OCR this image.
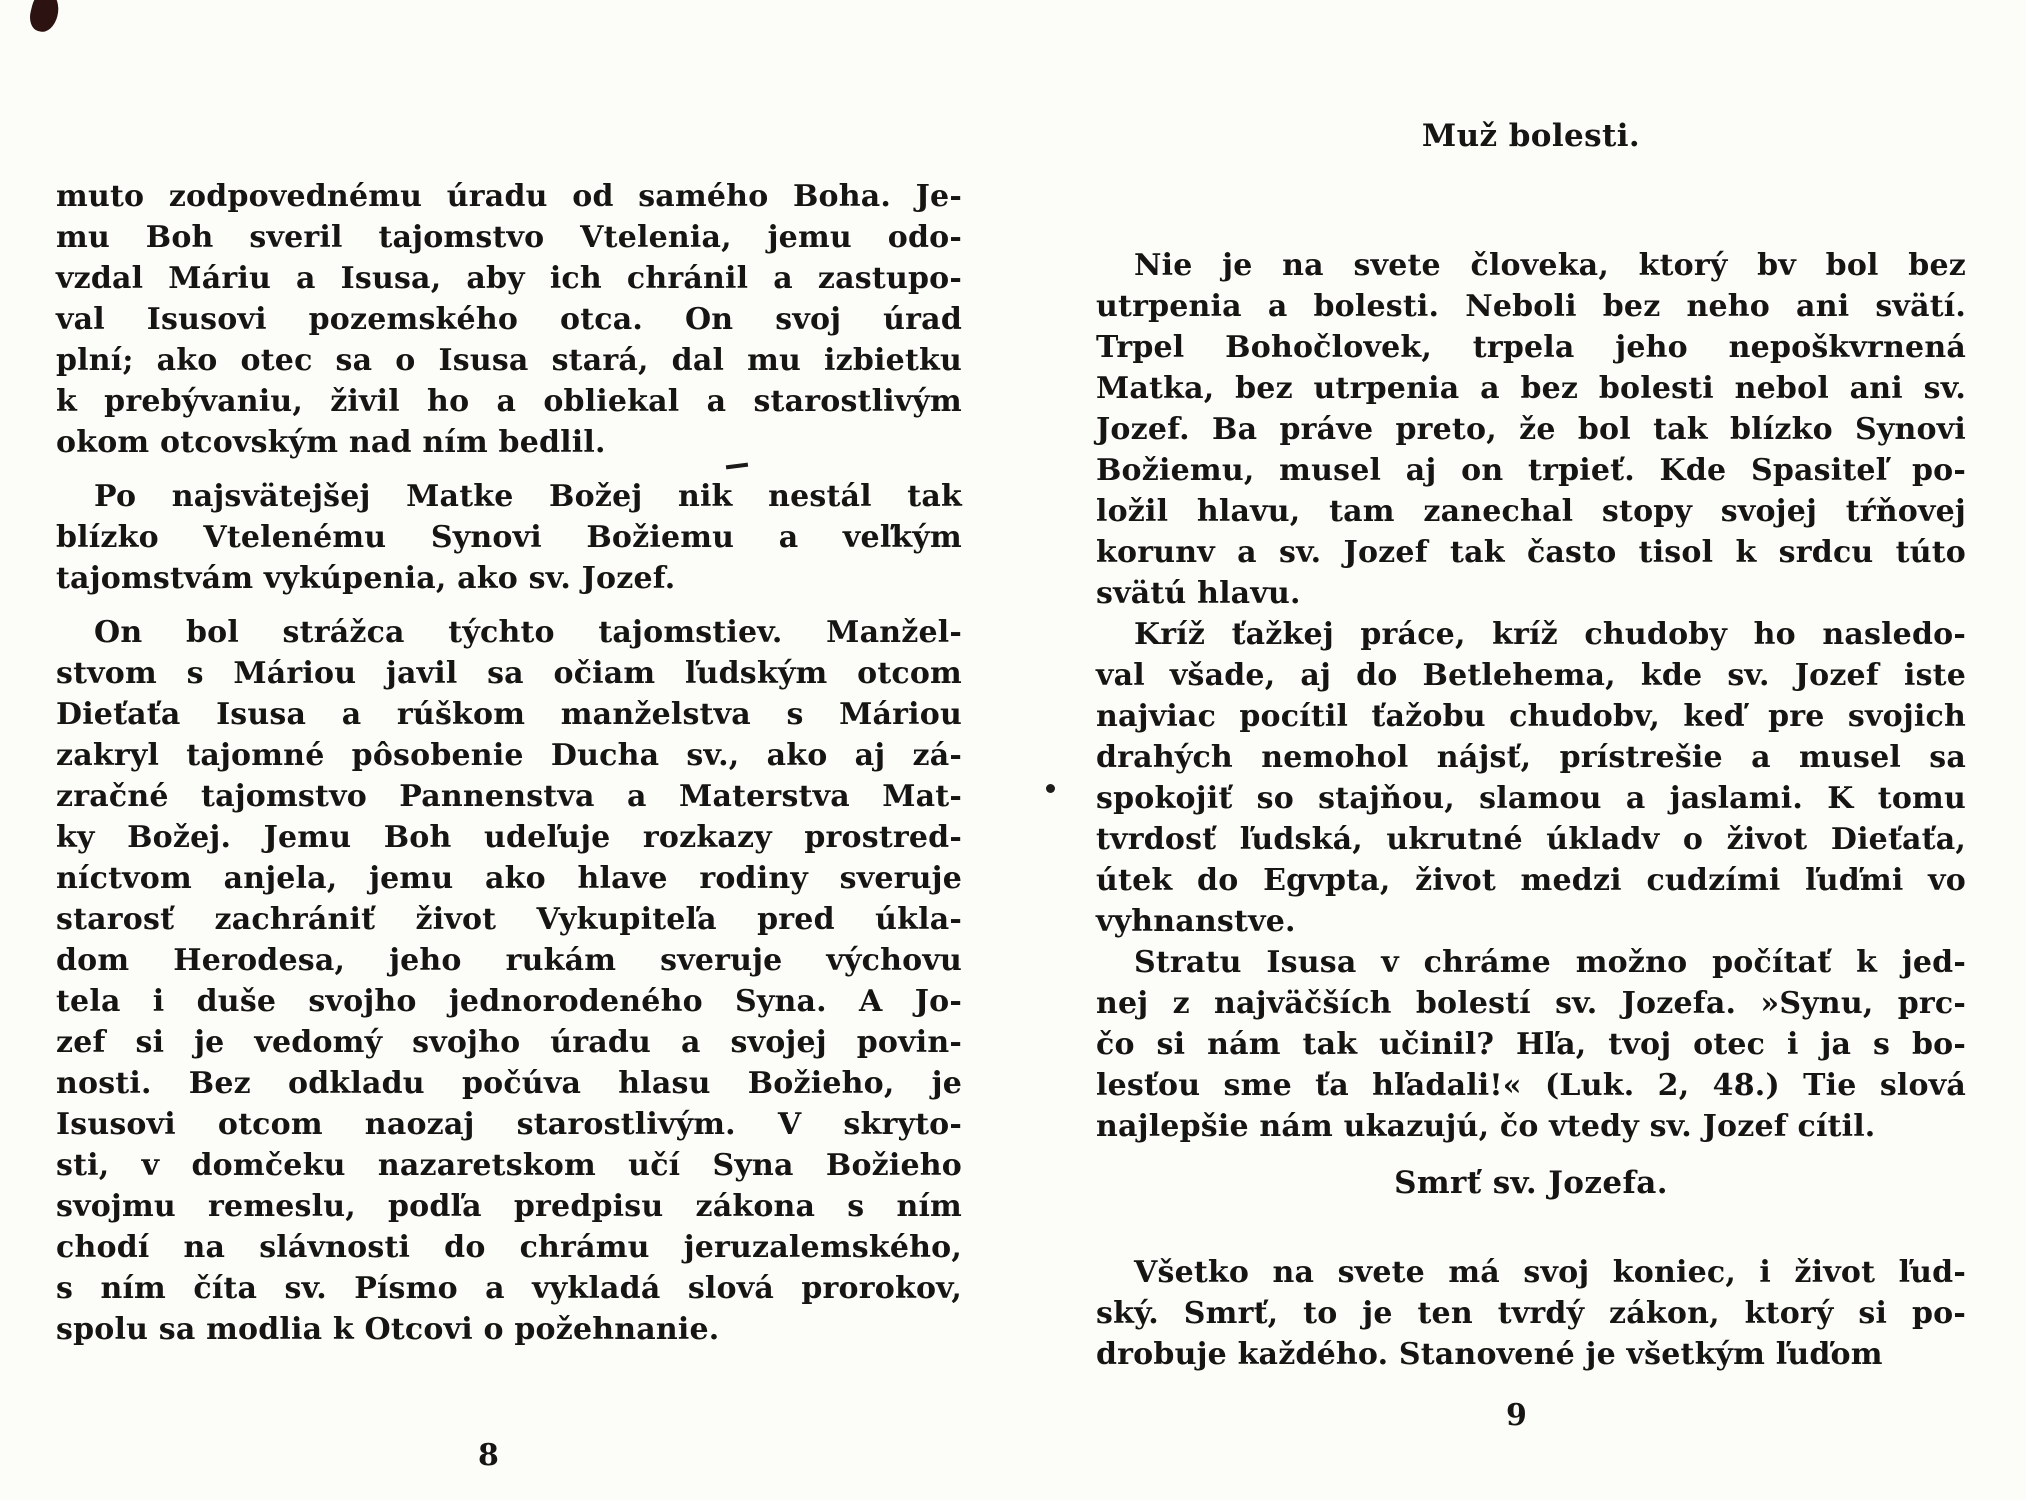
muto zodpovednému úradu od samého Boha. Je-
mu Boh sveril tajomstvo Vtelenia, jemu odo-
vzdal Máriu a Isusa, aby ich chránil a zastupo-
val Isusovi pozemského otca. On svoj úrad
plní; ako otec sa o Isusa stará, dal mu izbietku
k prebývaniu, živil ho a obliekal a starostlivým
okom otcovským nad ním bedlil.
Po najsvätejšej Matke Božej nik nestál tak
blízko Vtelenému Synovi Božiemu a veľkým
tajomstvám vykúpenia, ako sv. Jozef.
On bol strážca týchto tajomstiev. Manžel-
stvom s Máriou javil sa očiam ľudským otcom
Dieťaťa Isusa a rúškom manželstva s Máriou
zakryl tajomné pôsobenie Ducha sv., ako aj zá-
zračné tajomstvo Pannenstva a Materstva Mat-
ky Božej. Jemu Boh udeľuje rozkazy prostred-
níctvom anjela, jemu ako hlave rodiny sveruje
starosť zachrániť život Vykupiteľa pred úkla-
dom Herodesa, jeho rukám sveruje výchovu
tela i duše svojho jednorodeného Syna. A Jo-
zef si je vedomý svojho úradu a svojej povin-
nosti. Bez odkladu počúva hlasu Božieho, je
Isusovi otcom naozaj starostlivým. V skryto-
sti, v domčeku nazaretskom učí Syna Božieho
svojmu remeslu, podľa predpisu zákona s ním
chodí na slávnosti do chrámu jeruzalemského,
s ním číta sv. Písmo a vykladá slová prorokov,
spolu sa modlia k Otcovi o požehnanie.
Muž bolesti.
Nie je na svete človeka, ktorý bv bol bez
utrpenia a bolesti. Neboli bez neho ani svätí.
Trpel Bohočlovek, trpela jeho nepoškvrnená
Matka, bez utrpenia a bez bolesti nebol ani sv.
Jozef. Ba práve preto, že bol tak blízko Synovi
Božiemu, musel aj on trpieť. Kde Spasiteľ po-
ložil hlavu, tam zanechal stopy svojej tŕňovej
korunv a sv. Jozef tak často tisol k srdcu túto
svätú hlavu.
Kríž ťažkej práce, kríž chudoby ho nasledo-
val všade, aj do Betlehema, kde sv. Jozef iste
najviac pocítil ťažobu chudobv, keď pre svojich
drahých nemohol nájsť, prístrešie a musel sa
spokojiť so stajňou, slamou a jaslami. K tomu
tvrdosť ľudská, ukrutné úkladv o život Dieťaťa,
útek do Egvpta, život medzi cudzími ľuďmi vo
vyhnanstve.
Stratu Isusa v chráme možno počítať k jed-
nej z najväčších bolestí sv. Jozefa. »Synu, prc-
čo si nám tak učinil? Hľa, tvoj otec i ja s bo-
lesťou sme ťa hľadali!« (Luk. 2, 48.) Tie slová
najlepšie nám ukazujú, čo vtedy sv. Jozef cítil.
Smrť sv. Jozefa.
Všetko na svete má svoj koniec, i život ľud-
ský. Smrť, to je ten tvrdý zákon, ktorý si po-
drobuje každého. Stanovené je všetkým ľuďom
8
9
